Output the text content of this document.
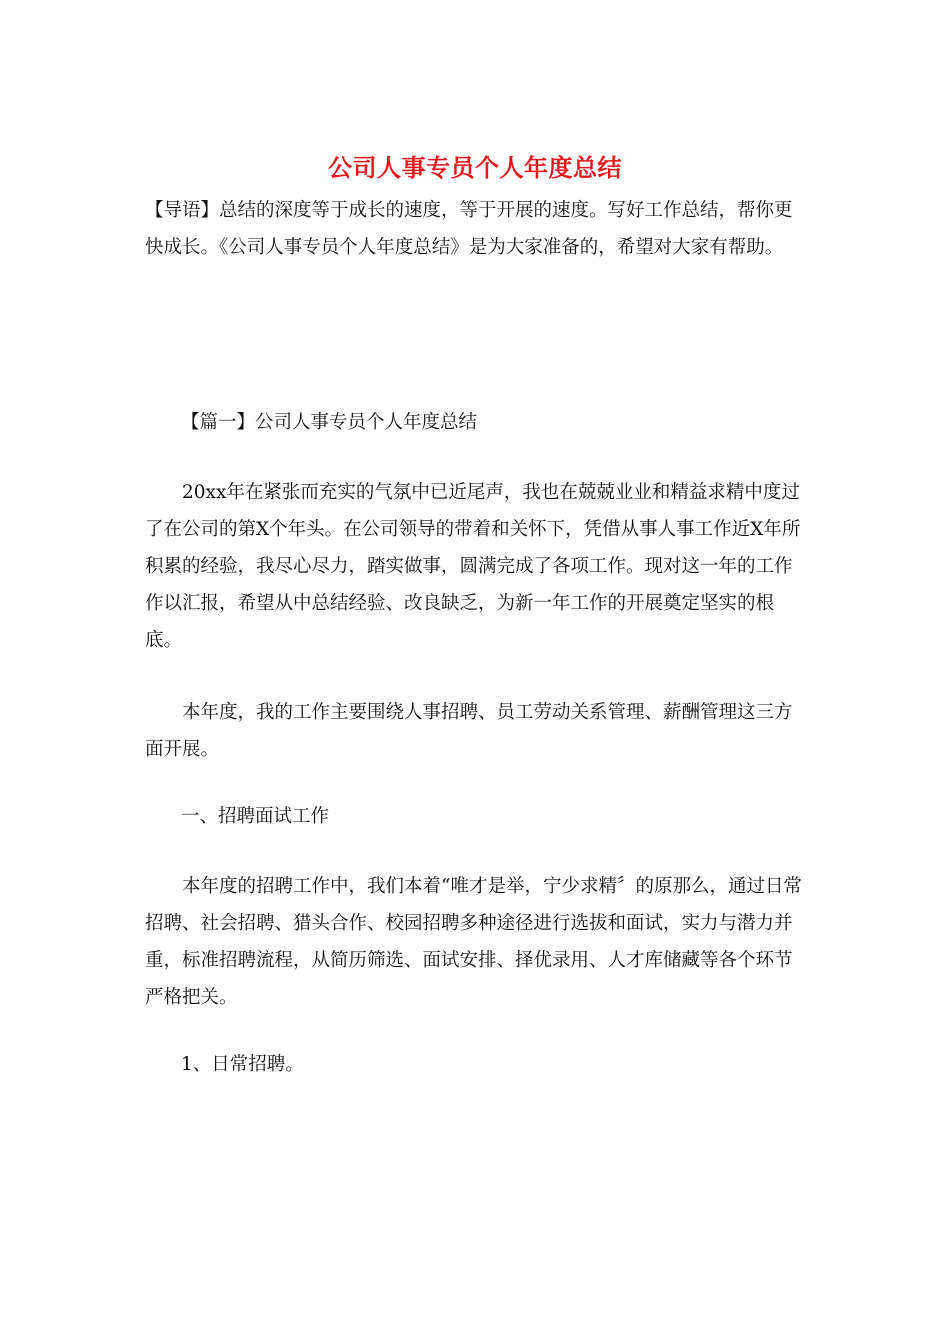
公司人事专员个人年度总结

【导语】总结的深度等于成长的速度，等于开展的速度。写好工作总结，帮你更快成长。《公司人事专员个人年度总结》是为大家准备的，希望对大家有帮助。

【篇一】公司人事专员个人年度总结

20xx年在紧张而充实的气氛中已近尾声，我也在兢兢业业和精益求精中度过了在公司的第X个年头。在公司领导的带着和关怀下，凭借从事人事工作近X年所积累的经验，我尽心尽力，踏实做事，圆满完成了各项工作。现对这一年的工作作以汇报，希望从中总结经验、改良缺乏，为新一年工作的开展奠定坚实的根底。

本年度，我的工作主要围绕人事招聘、员工劳动关系管理、薪酬管理这三方面开展。

一、招聘面试工作

本年度的招聘工作中，我们本着“唯才是举，宁少求精〞的原那么，通过日常招聘、社会招聘、猎头合作、校园招聘多种途径进行选拔和面试，实力与潜力并重，标准招聘流程，从简历筛选、面试安排、择优录用、人才库储藏等各个环节严格把关。

1、日常招聘。
